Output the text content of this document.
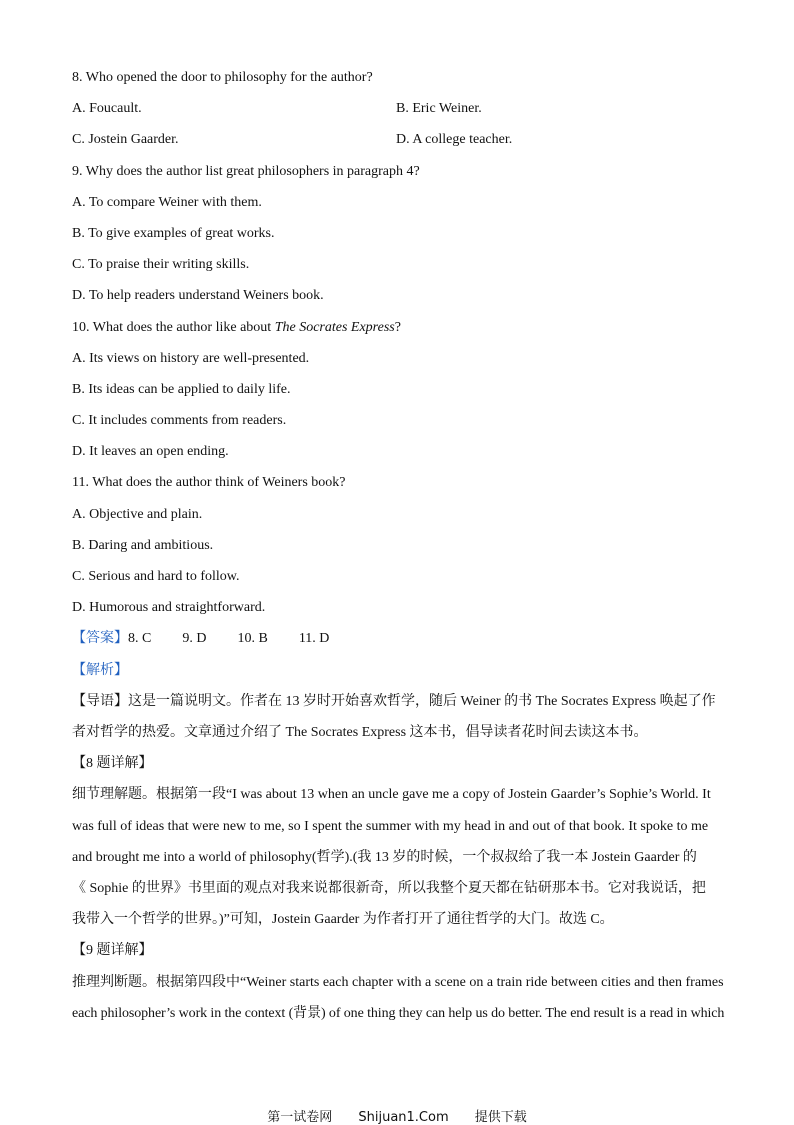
8. Who opened the door to philosophy for the author?
A. Foucault.	B. Eric Weiner.
C. Jostein Gaarder.	D. A college teacher.
9. Why does the author list great philosophers in paragraph 4?
A. To compare Weiner with them.
B. To give examples of great works.
C. To praise their writing skills.
D. To help readers understand Weiners book.
10. What does the author like about The Socrates Express?
A. Its views on history are well-presented.
B. Its ideas can be applied to daily life.
C. It includes comments from readers.
D. It leaves an open ending.
11. What does the author think of Weiners book?
A. Objective and plain.
B. Daring and ambitious.
C. Serious and hard to follow.
D. Humorous and straightforward.
【答案】8. C 9. D 10. B 11. D
【解析】
【导语】这是一篇说明文。作者在 13 岁时开始喜欢哲学，随后 Weiner 的书 The Socrates Express 唤起了作
者对哲学的热爱。文章通过介绍了 The Socrates Express 这本书，倡导读者花时间去读这本书。
【8 题详解】
细节理解题。根据第一段“I was about 13 when an uncle gave me a copy of Jostein Gaarder’s Sophie’s World. It
was full of ideas that were new to me, so I spent the summer with my head in and out of that book. It spoke to me
and brought me into a world of philosophy(哲学).(我 13 岁的时候，一个叔叔给了我一本 Jostein Gaarder 的
《 Sophie 的世界》书里面的观点对我来说都很新奇，所以我整个夏天都在钻研那本书。它对我说话，把
我带入一个哲学的世界。)”可知，Jostein Gaarder 为作者打开了通往哲学的大门。故选 C。
【9 题详解】
推理判断题。根据第四段中“Weiner starts each chapter with a scene on a train ride between cities and then frames
each philosopher’s work in the context (背景) of one thing they can help us do better. The end result is a read in which
第一试卷网 Shijuan1.Com 提供下载
